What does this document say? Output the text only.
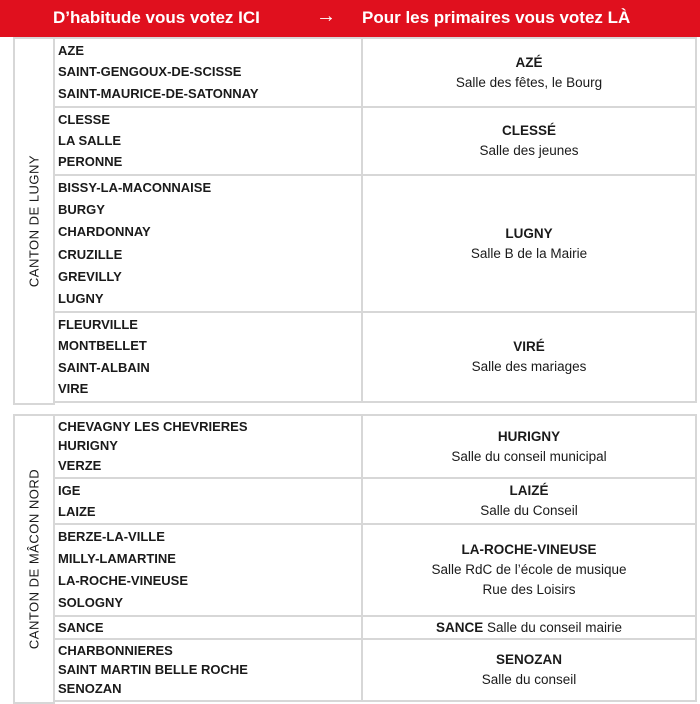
D’habitude vous votez ICI	→ Pour les primaires vous votez LÀ
CANTON DE LUGNY
AZE
SAINT-GENGOUX-DE-SCISSE
SAINT-MAURICE-DE-SATONNAY
AZÉ
Salle des fêtes, le Bourg
CLESSE
LA SALLE
PERONNE
CLESSÉ
Salle des jeunes
BISSY-LA-MACONNAISE
BURGY
CHARDONNAY
CRUZILLE
GREVILLY
LUGNY
LUGNY
Salle B de la Mairie
FLEURVILLE
MONTBELLET
SAINT-ALBAIN
VIRE
VIRÉ
Salle des mariages
CANTON DE MÂCON NORD
CHEVAGNY LES CHEVRIERES
HURIGNY
VERZE
HURIGNY
Salle du conseil municipal
IGE
LAIZE
LAIZÉ
Salle du Conseil
BERZE-LA-VILLE
MILLY-LAMARTINE
LA-ROCHE-VINEUSE
SOLOGNY
LA-ROCHE-VINEUSE
Salle RdC de l’école de musique
Rue des Loisirs
SANCE	SANCE Salle du conseil mairie
CHARBONNIERES
SAINT MARTIN BELLE ROCHE
SENOZAN
SENOZAN
Salle du conseil
